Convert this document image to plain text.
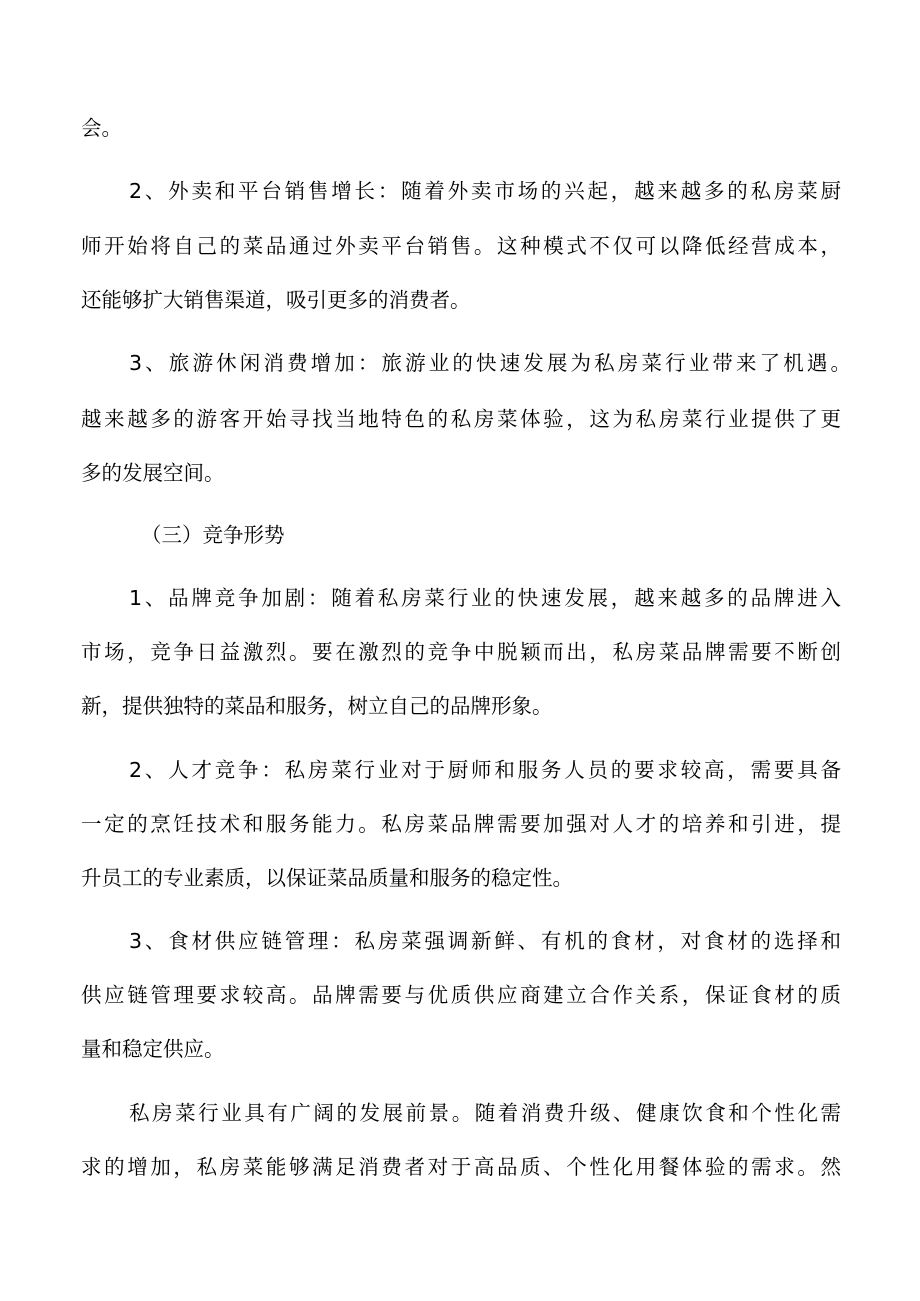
会。
2、外卖和平台销售增长：随着外卖市场的兴起，越来越多的私房菜厨
师开始将自己的菜品通过外卖平台销售。这种模式不仅可以降低经营成本，
还能够扩大销售渠道，吸引更多的消费者。
3、旅游休闲消费增加：旅游业的快速发展为私房菜行业带来了机遇。
越来越多的游客开始寻找当地特色的私房菜体验，这为私房菜行业提供了更
多的发展空间。
（三）竞争形势
1、品牌竞争加剧：随着私房菜行业的快速发展，越来越多的品牌进入
市场，竞争日益激烈。要在激烈的竞争中脱颖而出，私房菜品牌需要不断创
新，提供独特的菜品和服务，树立自己的品牌形象。
2、人才竞争：私房菜行业对于厨师和服务人员的要求较高，需要具备
一定的烹饪技术和服务能力。私房菜品牌需要加强对人才的培养和引进，提
升员工的专业素质，以保证菜品质量和服务的稳定性。
3、食材供应链管理：私房菜强调新鲜、有机的食材，对食材的选择和
供应链管理要求较高。品牌需要与优质供应商建立合作关系，保证食材的质
量和稳定供应。
私房菜行业具有广阔的发展前景。随着消费升级、健康饮食和个性化需
求的增加，私房菜能够满足消费者对于高品质、个性化用餐体验的需求。然
